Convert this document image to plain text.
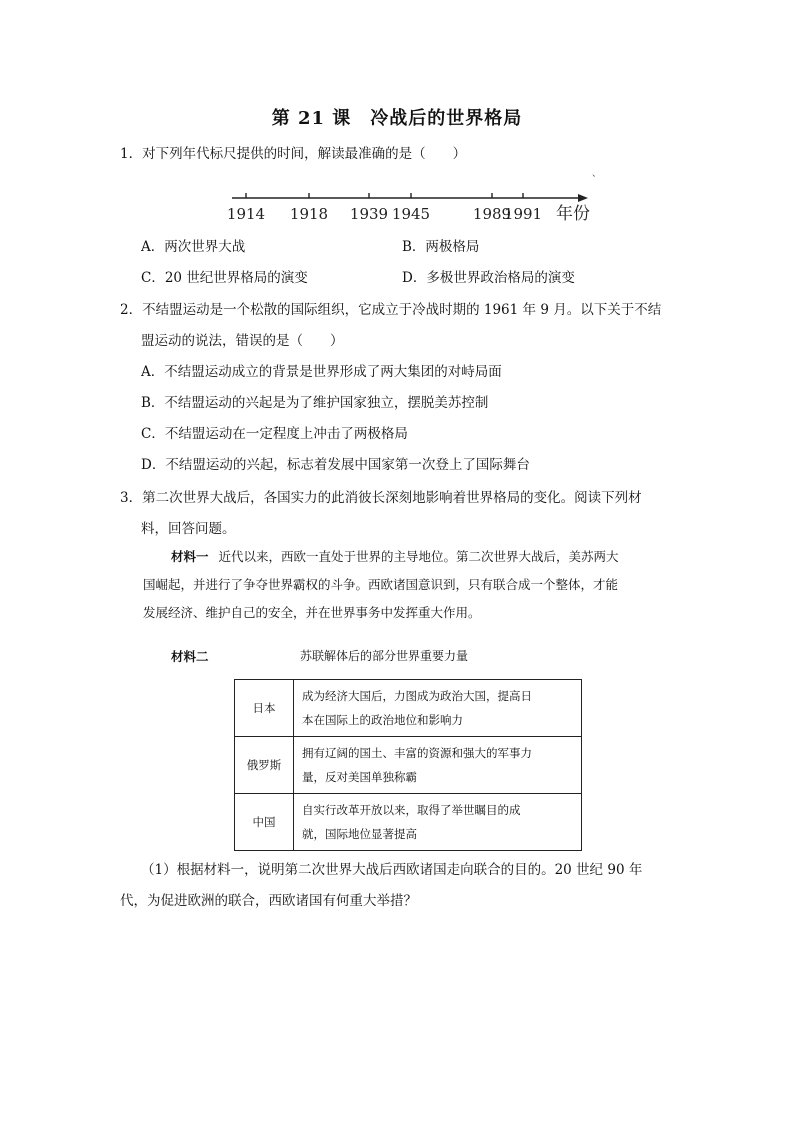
第 21 课　冷战后的世界格局
1．对下列年代标尺提供的时间，解读最准确的是（　　）
、
1914 1918 1939 1945	1989
1991 年份
A．两次世界大战	B．两极格局
C．20 世纪世界格局的演变	D．多极世界政治格局的演变
2．不结盟运动是一个松散的国际组织，它成立于冷战时期的 1961 年 9 月。以下关于不结
盟运动的说法，错误的是（　　）
A．不结盟运动成立的背景是世界形成了两大集团的对峙局面
B．不结盟运动的兴起是为了维护国家独立，摆脱美苏控制
C．不结盟运动在一定程度上冲击了两极格局
D．不结盟运动的兴起，标志着发展中国家第一次登上了国际舞台
3．第二次世界大战后，各国实力的此消彼长深刻地影响着世界格局的变化。阅读下列材
料，回答问题。
材料一 近代以来，西欧一直处于世界的主导地位。第二次世界大战后，美苏两大
国崛起，并进行了争夺世界霸权的斗争。西欧诸国意识到，只有联合成一个整体，才能
发展经济、维护自己的安全，并在世界事务中发挥重大作用。
材料二	苏联解体后的部分世界重要力量
日本	成为经济大国后，力图成为政治大国，提高日
本在国际上的政治地位和影响力

俄罗斯	拥有辽阔的国土、丰富的资源和强大的军事力
量，反对美国单独称霸

中国	自实行改革开放以来，取得了举世瞩目的成
就，国际地位显著提高
（1）根据材料一，说明第二次世界大战后西欧诸国走向联合的目的。20 世纪 90 年
代，为促进欧洲的联合，西欧诸国有何重大举措？
